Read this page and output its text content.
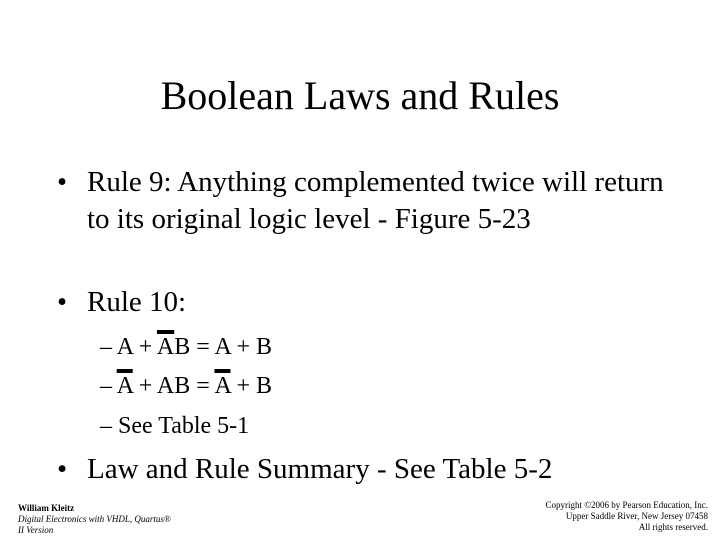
Boolean Laws and Rules
• Rule 9: Anything complemented twice will return to its original logic level - Figure 5-23
• Rule 10:
– $A + \overline{A}B = A + B$
– $\overline{A}$ + AB = $\overline{A} + B$
– See Table 5-1
• Law and Rule Summary - See Table 5-2
William Kleitz
Digital Electronics with VHDL, Quartus®
II Version
Copyright ©2006 by Pearson Education, Inc.
Upper Saddle River, New Jersey 07458
All rights reserved.
